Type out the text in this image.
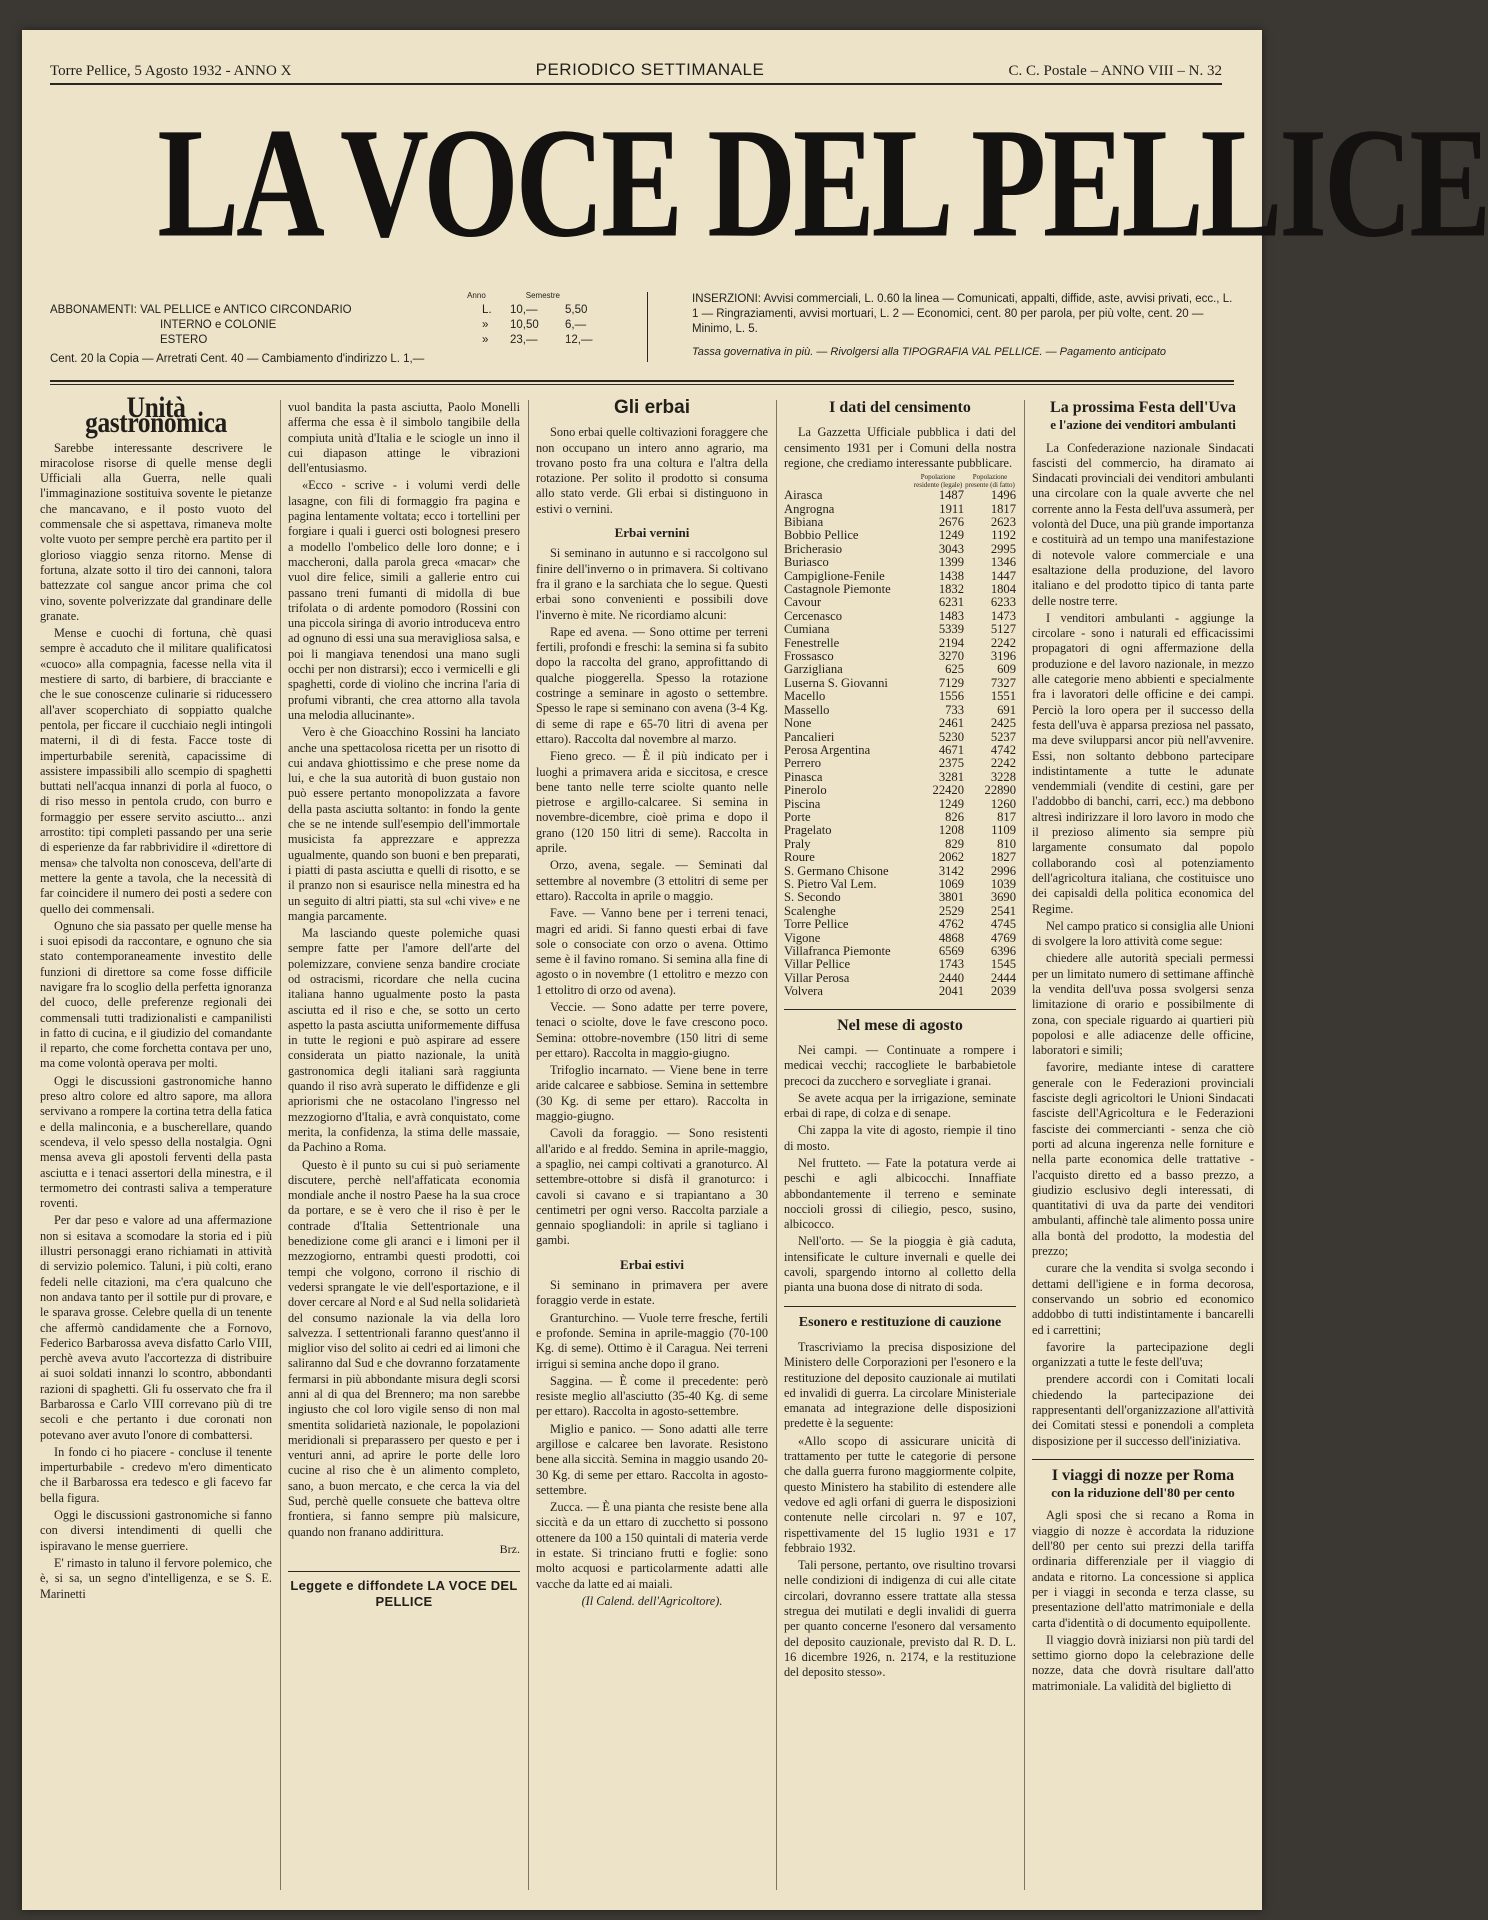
Torre Pellice, 5 Agosto 1932 - ANNO X	PERIODICO SETTIMANALE	C. C. Postale – ANNO VIII – N. 32
LA VOCE DEL PELLICE
Anno	Semestre
ABBONAMENTI: VAL PELLICE e ANTICO CIRCONDARIO	L.	10,—	5,50
INTERNO e COLONIE	»	10,50	6,—
ESTERO	»	23,—	12,—
Cent. 20 la Copia — Arretrati Cent. 40 — Cambiamento d'indirizzo L. 1,—
INSERZIONI: Avvisi commerciali, L. 0.60 la linea — Comunicati, appalti, diffide, aste, avvisi privati, ecc., L. 1 — Ringraziamenti, avvisi mortuari, L. 2 — Economici, cent. 80 per parola, per più volte, cent. 20 — Minimo, L. 5.
Tassa governativa in più. — Rivolgersi alla TIPOGRAFIA VAL PELLICE. — Pagamento anticipato
Unità gastronomica

Sarebbe interessante descrivere le miracolose risorse di quelle mense degli Ufficiali alla Guerra, nelle quali l'immaginazione sostituiva sovente le pietanze che mancavano, e il posto vuoto del commensale che si aspettava, rimaneva molte volte vuoto per sempre perchè era partito per il glorioso viaggio senza ritorno. Mense di fortuna, alzate sotto il tiro dei cannoni, talora battezzate col sangue ancor prima che col vino, sovente polverizzate dal grandinare delle granate.

Mense e cuochi di fortuna, chè quasi sempre è accaduto che il militare qualificatosi «cuoco» alla compagnia, facesse nella vita il mestiere di sarto, di barbiere, di bracciante e che le sue conoscenze culinarie si riducessero all'aver scoperchiato di soppiatto qualche pentola, per ficcare il cucchiaio negli intingoli materni, il dì di festa. Facce toste di imperturbabile serenità, capacissime di assistere impassibili allo scempio di spaghetti buttati nell'acqua innanzi di porla al fuoco, o di riso messo in pentola crudo, con burro e formaggio per essere servito asciutto... anzi arrostito: tipi completi passando per una serie di esperienze da far rabbrividire il «direttore di mensa» che talvolta non conosceva, dell'arte di mettere la gente a tavola, che la necessità di far coincidere il numero dei posti a sedere con quello dei commensali.

Ognuno che sia passato per quelle mense ha i suoi episodi da raccontare, e ognuno che sia stato contemporaneamente investito delle funzioni di direttore sa come fosse difficile navigare fra lo scoglio della perfetta ignoranza del cuoco, delle preferenze regionali dei commensali tutti tradizionalisti e campanilisti in fatto di cucina, e il giudizio del comandante il reparto, che come forchetta contava per uno, ma come volontà operava per molti.

Oggi le discussioni gastronomiche hanno preso altro colore ed altro sapore, ma allora servivano a rompere la cortina tetra della fatica e della malinconia, e a buscherellare, quando scendeva, il velo spesso della nostalgia. Ogni mensa aveva gli apostoli ferventi della pasta asciutta e i tenaci assertori della minestra, e il termometro dei contrasti saliva a temperature roventi.

Per dar peso e valore ad una affermazione non si esitava a scomodare la storia ed i più illustri personaggi erano richiamati in attività di servizio polemico. Taluni, i più colti, erano fedeli nelle citazioni, ma c'era qualcuno che non andava tanto per il sottile pur di provare, e le sparava grosse. Celebre quella di un tenente che affermò candidamente che a Fornovo, Federico Barbarossa aveva disfatto Carlo VIII, perchè aveva avuto l'accortezza di distribuire ai suoi soldati innanzi lo scontro, abbondanti razioni di spaghetti. Gli fu osservato che fra il Barbarossa e Carlo VIII correvano più di tre secoli e che pertanto i due coronati non potevano aver avuto l'onore di combattersi.

In fondo ci ho piacere - concluse il tenente imperturbabile - credevo m'ero dimenticato che il Barbarossa era tedesco e gli facevo far bella figura.

Oggi le discussioni gastronomiche si fanno con diversi intendimenti di quelli che ispiravano le mense guerriere.

E' rimasto in taluno il fervore polemico, che è, si sa, un segno d'intelligenza, e se S. E. Marinetti

vuol bandita la pasta asciutta, Paolo Monelli afferma che essa è il simbolo tangibile della compiuta unità d'Italia e le sciogle un inno il cui diapason attinge le vibrazioni dell'entusiasmo.

«Ecco - scrive - i volumi verdi delle lasagne, con fili di formaggio fra pagina e pagina lentamente voltata; ecco i tortellini per forgiare i quali i guerci osti bolognesi presero a modello l'ombelico delle loro donne; e i maccheroni, dalla parola greca «macar» che vuol dire felice, simili a gallerie entro cui passano treni fumanti di midolla di bue trifolata o di ardente pomodoro (Rossini con una piccola siringa di avorio introduceva entro ad ognuno di essi una sua meravigliosa salsa, e poi li mangiava tenendosi una mano sugli occhi per non distrarsi); ecco i vermicelli e gli spaghetti, corde di violino che incrina l'aria di profumi vibranti, che crea attorno alla tavola una melodia allucinante».

Vero è che Gioacchino Rossini ha lanciato anche una spettacolosa ricetta per un risotto di cui andava ghiottissimo e che prese nome da lui, e che la sua autorità di buon gustaio non può essere pertanto monopolizzata a favore della pasta asciutta soltanto: in fondo la gente che se ne intende sull'esempio dell'immortale musicista fa apprezzare e apprezza ugualmente, quando son buoni e ben preparati, i piatti di pasta asciutta e quelli di risotto, e se il pranzo non si esaurisce nella minestra ed ha un seguito di altri piatti, sta sul «chi vive» e ne mangia parcamente.

Ma lasciando queste polemiche quasi sempre fatte per l'amore dell'arte del polemizzare, conviene senza bandire crociate od ostracismi, ricordare che nella cucina italiana hanno ugualmente posto la pasta asciutta ed il riso e che, se sotto un certo aspetto la pasta asciutta uniformemente diffusa in tutte le regioni e può aspirare ad essere considerata un piatto nazionale, la unità gastronomica degli italiani sarà raggiunta quando il riso avrà superato le diffidenze e gli apriorismi che ne ostacolano l'ingresso nel mezzogiorno d'Italia, e avrà conquistato, come merita, la confidenza, la stima delle massaie, da Pachino a Roma.

Questo è il punto su cui si può seriamente discutere, perchè nell'affaticata economia mondiale anche il nostro Paese ha la sua croce da portare, e se è vero che il riso è per le contrade d'Italia Settentrionale una benedizione come gli aranci e i limoni per il mezzogiorno, entrambi questi prodotti, coi tempi che volgono, corrono il rischio di vedersi sprangate le vie dell'esportazione, e il dover cercare al Nord e al Sud nella solidarietà del consumo nazionale la via della loro salvezza. I settentrionali faranno quest'anno il miglior viso del solito ai cedri ed ai limoni che saliranno dal Sud e che dovranno forzatamente fermarsi in più abbondante misura degli scorsi anni al di qua del Brennero; ma non sarebbe ingiusto che col loro vigile senso di non mal smentita solidarietà nazionale, le popolazioni meridionali si preparassero per questo e per i venturi anni, ad aprire le porte delle loro cucine al riso che è un alimento completo, sano, a buon mercato, e che cerca la via del Sud, perchè quelle consuete che batteva oltre frontiera, si fanno sempre più malsicure, quando non franano addirittura.

Brz.
Leggete e diffondete LA VOCE DEL PELLICE
Gli erbai

Sono erbai quelle coltivazioni foraggere che non occupano un intero anno agrario, ma trovano posto fra una coltura e l'altra della rotazione. Per solito il prodotto si consuma allo stato verde. Gli erbai si distinguono in estivi o vernini.

Erbai vernini

Si seminano in autunno e si raccolgono sul finire dell'inverno o in primavera. Si coltivano fra il grano e la sarchiata che lo segue. Questi erbai sono convenienti e possibili dove l'inverno è mite. Ne ricordiamo alcuni:

Rape ed avena. — Sono ottime per terreni fertili, profondi e freschi: la semina si fa subito dopo la raccolta del grano, approfittando di qualche pioggerella. Spesso la rotazione costringe a seminare in agosto o settembre. Spesso le rape si seminano con avena (3-4 Kg. di seme di rape e 65-70 litri di avena per ettaro). Raccolta dal novembre al marzo.

Fieno greco. — È il più indicato per i luoghi a primavera arida e siccitosa, e cresce bene tanto nelle terre sciolte quanto nelle pietrose e argillo-calcaree. Si semina in novembre-dicembre, cioè prima e dopo il grano (120 150 litri di seme). Raccolta in aprile.

Orzo, avena, segale. — Seminati dal settembre al novembre (3 ettolitri di seme per ettaro). Raccolta in aprile o maggio.

Fave. — Vanno bene per i terreni tenaci, magri ed aridi. Si fanno questi erbai di fave sole o consociate con orzo o avena. Ottimo seme è il favino romano. Si semina alla fine di agosto o in novembre (1 ettolitro e mezzo con 1 ettolitro di orzo od avena).

Veccie. — Sono adatte per terre povere, tenaci o sciolte, dove le fave crescono poco. Semina: ottobre-novembre (150 litri di seme per ettaro). Raccolta in maggio-giugno.

Trifoglio incarnato. — Viene bene in terre aride calcaree e sabbiose. Semina in settembre (30 Kg. di seme per ettaro). Raccolta in maggio-giugno.

Cavoli da foraggio. — Sono resistenti all'arido e al freddo. Semina in aprile-maggio, a spaglio, nei campi coltivati a granoturco. Al settembre-ottobre si disfà il granoturco: i cavoli si cavano e si trapiantano a 30 centimetri per ogni verso. Raccolta parziale a gennaio spogliandoli: in aprile si tagliano i gambi.

Erbai estivi

Si seminano in primavera per avere foraggio verde in estate.

Granturchino. — Vuole terre fresche, fertili e profonde. Semina in aprile-maggio (70-100 Kg. di seme). Ottimo è il Caragua. Nei terreni irrigui si semina anche dopo il grano.

Saggina. — È come il precedente: però resiste meglio all'asciutto (35-40 Kg. di seme per ettaro). Raccolta in agosto-settembre.

Miglio e panico. — Sono adatti alle terre argillose e calcaree ben lavorate. Resistono bene alla siccità. Semina in maggio usando 20-30 Kg. di seme per ettaro. Raccolta in agosto-settembre.

Zucca. — È una pianta che resiste bene alla siccità e da un ettaro di zucchetto si possono ottenere da 100 a 150 quintali di materia verde in estate. Si trinciano frutti e foglie: sono molto acquosi e particolarmente adatti alle vacche da latte ed ai maiali.

(Il Calend. dell'Agricoltore).
I dati del censimento

La Gazzetta Ufficiale pubblica i dati del censimento 1931 per i Comuni della nostra regione, che crediamo interessante pubblicare.

	Popolazione residente (legale)	Popolazione presente (di fatto)
Airasca	1487	1496
Angrogna	1911	1817
Bibiana	2676	2623
Bobbio Pellice	1249	1192
Bricherasio	3043	2995
Buriasco	1399	1346
Campiglione-Fenile	1438	1447
Castagnole Piemonte	1832	1804
Cavour	6231	6233
Cercenasco	1483	1473
Cumiana	5339	5127
Fenestrelle	2194	2242
Frossasco	3270	3196
Garzigliana	625	609
Luserna S. Giovanni	7129	7327
Macello	1556	1551
Massello	733	691
None	2461	2425
Pancalieri	5230	5237
Perosa Argentina	4671	4742
Perrero	2375	2242
Pinasca	3281	3228
Pinerolo	22420	22890
Piscina	1249	1260
Porte	826	817
Pragelato	1208	1109
Praly	829	810
Roure	2062	1827
S. Germano Chisone	3142	2996
S. Pietro Val Lem.	1069	1039
S. Secondo	3801	3690
Scalenghe	2529	2541
Torre Pellice	4762	4745
Vigone	4868	4769
Villafranca Piemonte	6569	6396
Villar Pellice	1743	1545
Villar Perosa	2440	2444
Volvera	2041	2039
Nel mese di agosto

Nei campi. — Continuate a rompere i medicai vecchi; raccogliete le barbabietole precoci da zucchero e sorvegliate i granai.

Se avete acqua per la irrigazione, seminate erbai di rape, di colza e di senape.

Chi zappa la vite di agosto, riempie il tino di mosto.

Nel frutteto. — Fate la potatura verde ai peschi e agli albicocchi. Innaffiate abbondantemente il terreno e seminate noccioli grossi di ciliegio, pesco, susino, albicocco.

Nell'orto. — Se la pioggia è già caduta, intensificate le culture invernali e quelle dei cavoli, spargendo intorno al colletto della pianta una buona dose di nitrato di soda.

Esonero e restituzione di cauzione

Trascriviamo la precisa disposizione del Ministero delle Corporazioni per l'esonero e la restituzione del deposito cauzionale ai mutilati ed invalidi di guerra. La circolare Ministeriale emanata ad integrazione delle disposizioni predette è la seguente:

«Allo scopo di assicurare unicità di trattamento per tutte le categorie di persone che dalla guerra furono maggiormente colpite, questo Ministero ha stabilito di estendere alle vedove ed agli orfani di guerra le disposizioni contenute nelle circolari n. 97 e 107, rispettivamente del 15 luglio 1931 e 17 febbraio 1932.

Tali persone, pertanto, ove risultino trovarsi nelle condizioni di indigenza di cui alle citate circolari, dovranno essere trattate alla stessa stregua dei mutilati e degli invalidi di guerra per quanto concerne l'esonero dal versamento del deposito cauzionale, previsto dal R. D. L. 16 dicembre 1926, n. 2174, e la restituzione del deposito stesso».

La prossima Festa dell'Uva
e l'azione dei venditori ambulanti

La Confederazione nazionale Sindacati fascisti del commercio, ha diramato ai Sindacati provinciali dei venditori ambulanti una circolare con la quale avverte che nel corrente anno la Festa dell'uva assumerà, per volontà del Duce, una più grande importanza e costituirà ad un tempo una manifestazione di notevole valore commerciale e una esaltazione della produzione, del lavoro italiano e del prodotto tipico di tanta parte delle nostre terre.

I venditori ambulanti - aggiunge la circolare - sono i naturali ed efficacissimi propagatori di ogni affermazione della produzione e del lavoro nazionale, in mezzo alle categorie meno abbienti e specialmente fra i lavoratori delle officine e dei campi. Perciò la loro opera per il successo della festa dell'uva è apparsa preziosa nel passato, ma deve svilupparsi ancor più nell'avvenire. Essi, non soltanto debbono partecipare indistintamente a tutte le adunate vendemmiali (vendite di cestini, gare per l'addobbo di banchi, carri, ecc.) ma debbono altresì indirizzare il loro lavoro in modo che il prezioso alimento sia sempre più largamente consumato dal popolo collaborando così al potenziamento dell'agricoltura italiana, che costituisce uno dei capisaldi della politica economica del Regime.

Nel campo pratico si consiglia alle Unioni di svolgere la loro attività come segue:

chiedere alle autorità speciali permessi per un limitato numero di settimane affinchè la vendita dell'uva possa svolgersi senza limitazione di orario e possibilmente di zona, con speciale riguardo ai quartieri più popolosi e alle adiacenze delle officine, laboratori e simili;

favorire, mediante intese di carattere generale con le Federazioni provinciali fasciste degli agricoltori le Unioni Sindacati fasciste dell'Agricoltura e le Federazioni fasciste dei commercianti - senza che ciò porti ad alcuna ingerenza nelle forniture e nella parte economica delle trattative - l'acquisto diretto ed a basso prezzo, a giudizio esclusivo degli interessati, di quantitativi di uva da parte dei venditori ambulanti, affinchè tale alimento possa unire alla bontà del prodotto, la modestia del prezzo;

curare che la vendita si svolga secondo i dettami dell'igiene e in forma decorosa, conservando un sobrio ed economico addobbo di tutti indistintamente i bancarelli ed i carrettini;

favorire la partecipazione degli organizzati a tutte le feste dell'uva;

prendere accordi con i Comitati locali chiedendo la partecipazione dei rappresentanti dell'organizzazione all'attività dei Comitati stessi e ponendoli a completa disposizione per il successo dell'iniziativa.

I viaggi di nozze per Roma
con la riduzione dell'80 per cento

Agli sposi che si recano a Roma in viaggio di nozze è accordata la riduzione dell'80 per cento sui prezzi della tariffa ordinaria differenziale per il viaggio di andata e ritorno. La concessione si applica per i viaggi in seconda e terza classe, su presentazione dell'atto matrimoniale e della carta d'identità o di documento equipollente.

Il viaggio dovrà iniziarsi non più tardi del settimo giorno dopo la celebrazione delle nozze, data che dovrà risultare dall'atto matrimoniale. La validità del biglietto di
